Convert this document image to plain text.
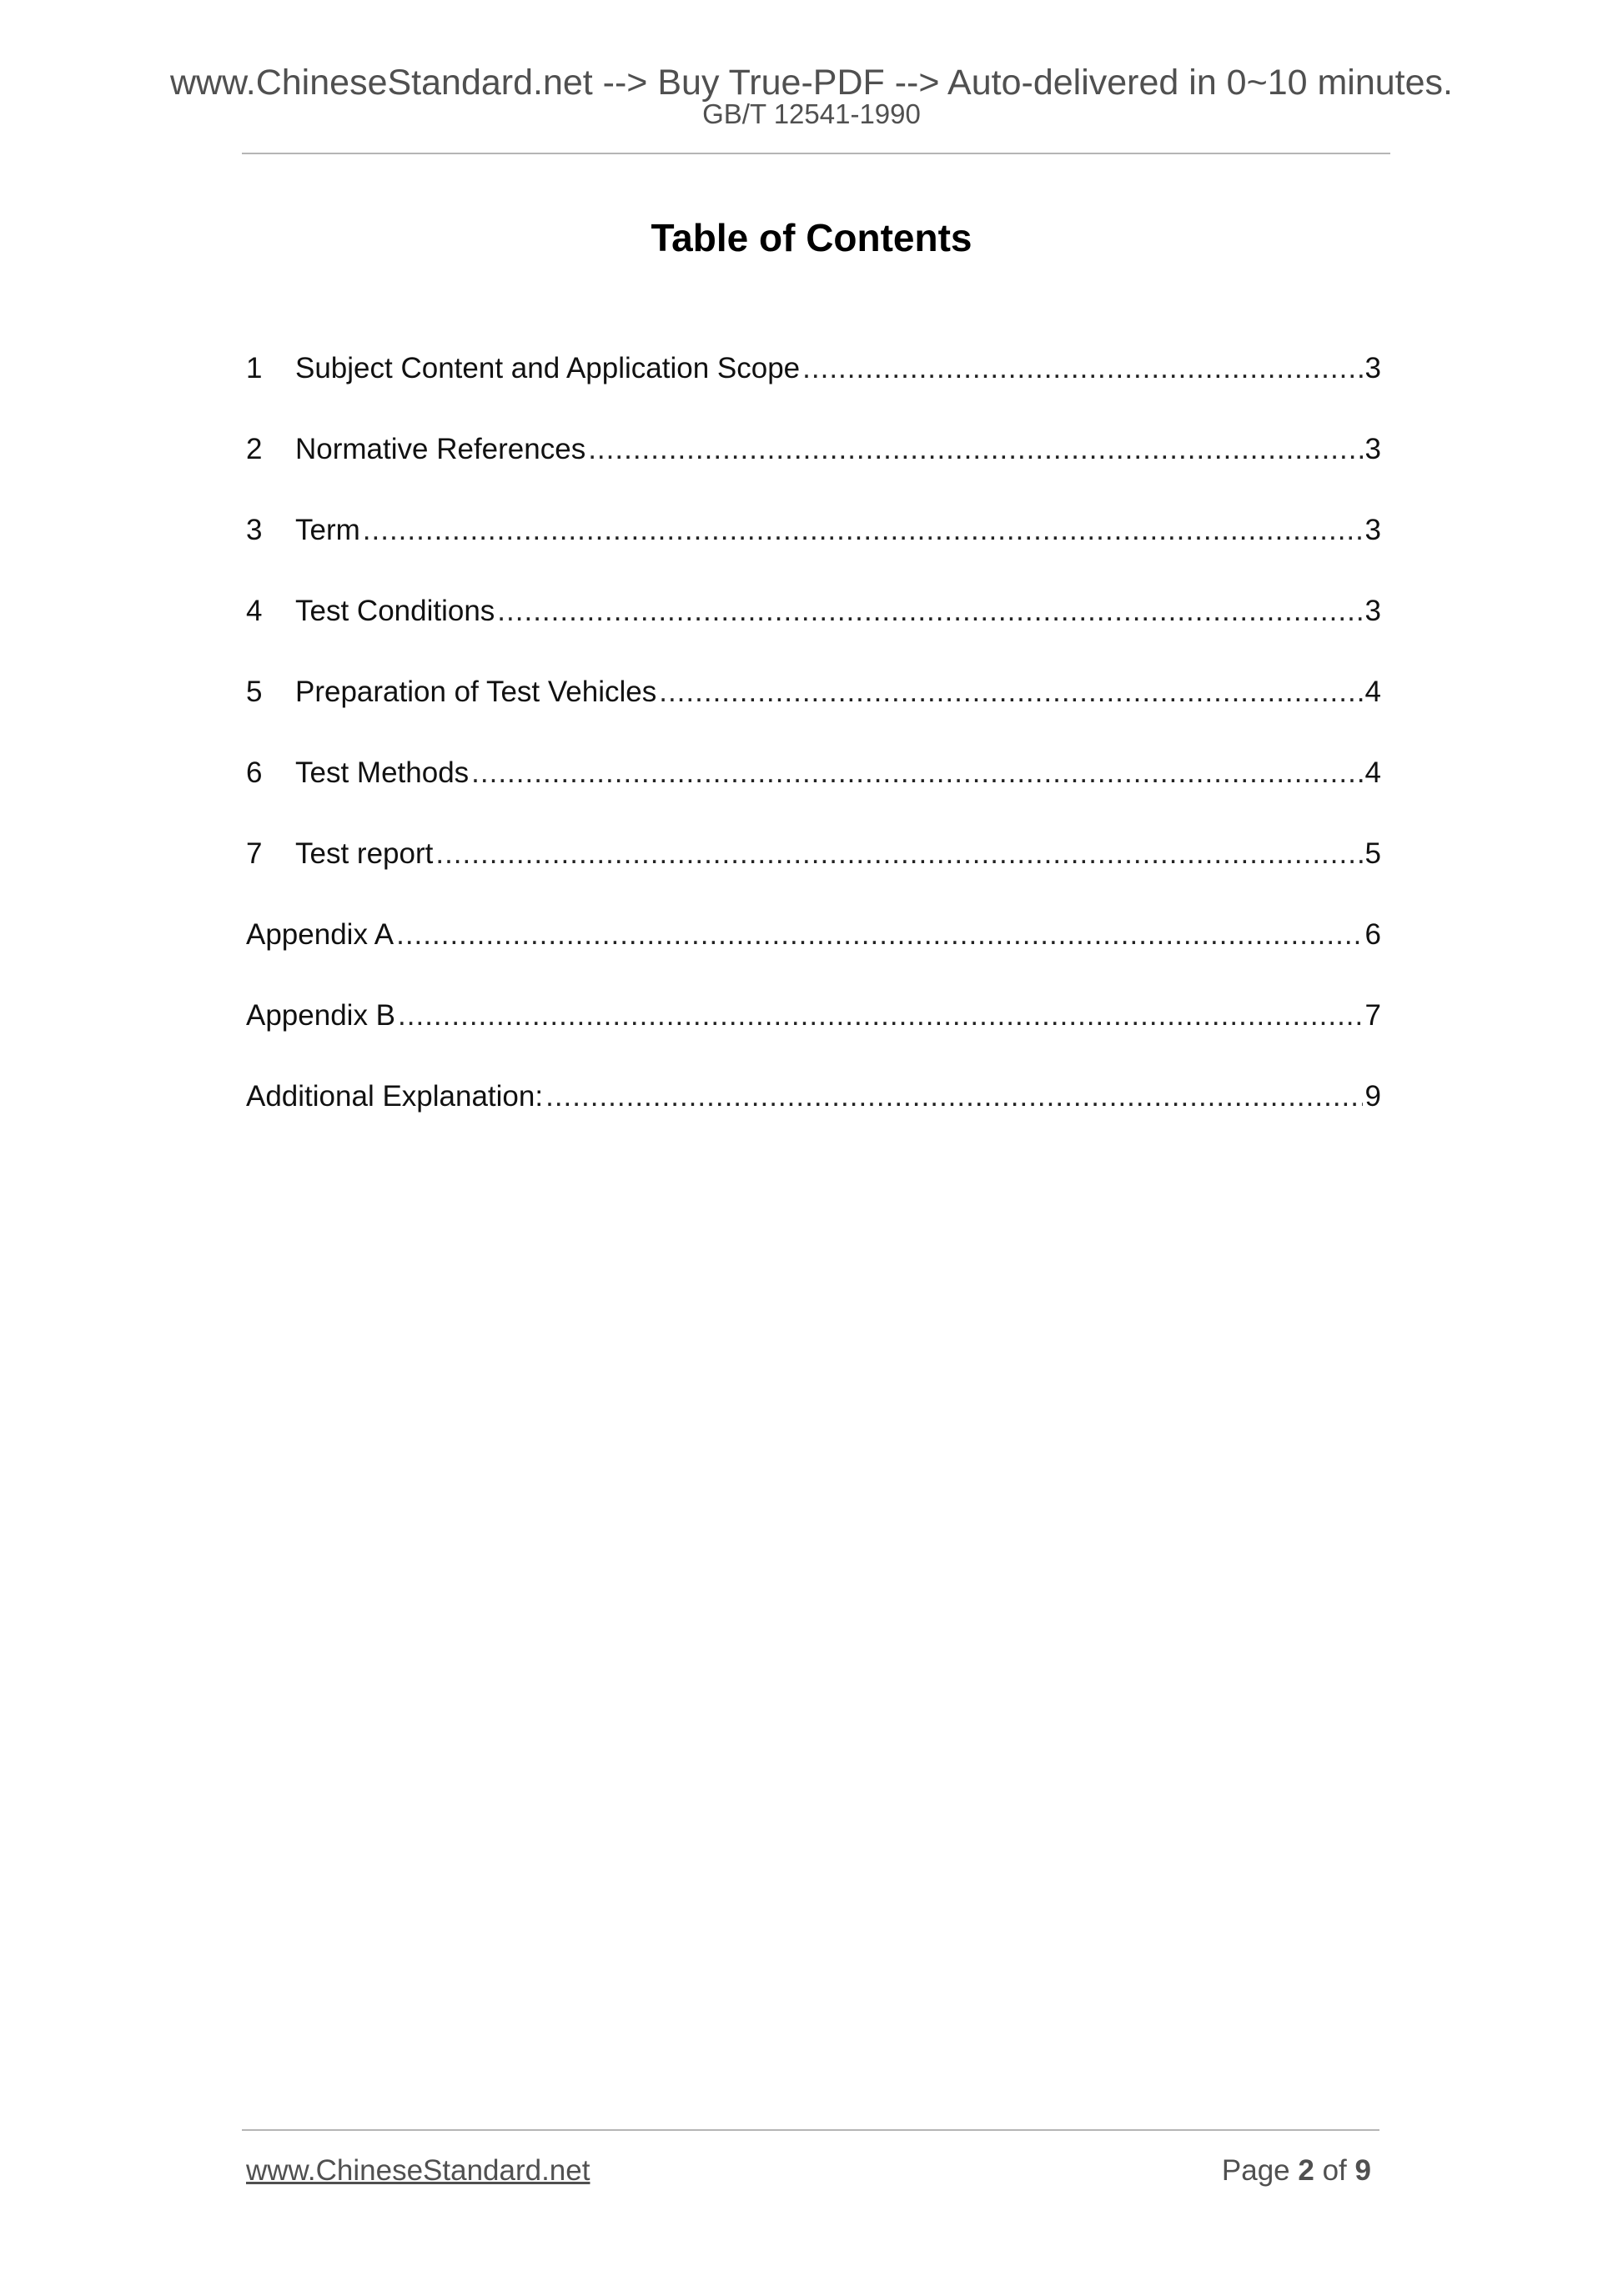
www.ChineseStandard.net --> Buy True-PDF --> Auto-delivered in 0~10 minutes.
GB/T 12541-1990
Table of Contents
1	Subject Content and Application Scope .....	3
2	Normative References .....	3
3	Term .....	3
4	Test Conditions .....	3
5	Preparation of Test Vehicles .....	4
6	Test Methods .....	4
7	Test report .....	5
Appendix A .....	6
Appendix B .....	7
Additional Explanation: .....	9
www.ChineseStandard.net	Page 2 of 9
